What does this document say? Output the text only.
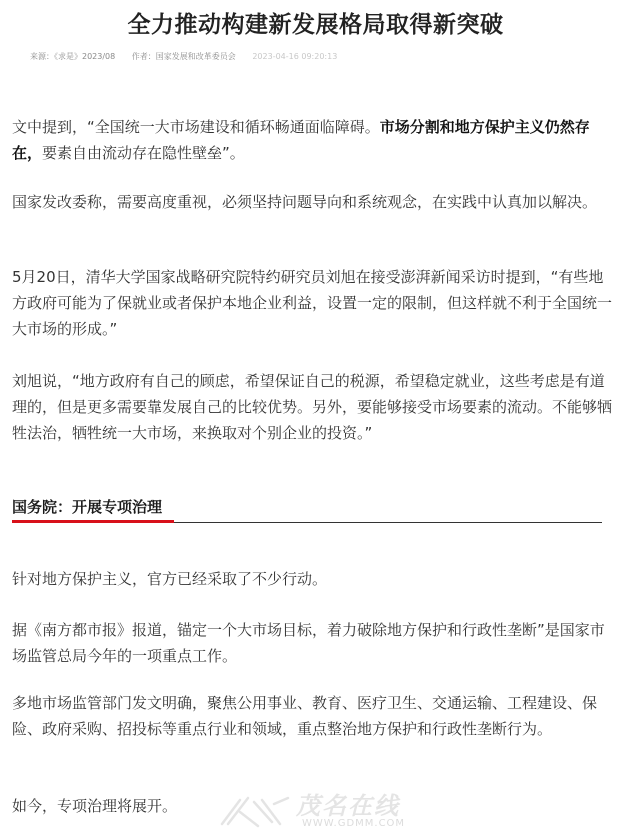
全力推动构建新发展格局取得新突破
来源：《求是》2023/08 作者：国家发展和改革委员会 2023-04-16 09:20:13

文中提到，“全国统一大市场建设和循环畅通面临障碍。市场分割和地方保护主义仍然存在，要素自由流动存在隐性壁垒”。

国家发改委称，需要高度重视，必须坚持问题导向和系统观念，在实践中认真加以解决。

5月20日，清华大学国家战略研究院特约研究员刘旭在接受澎湃新闻采访时提到，“有些地方政府可能为了保就业或者保护本地企业利益，设置一定的限制，但这样就不利于全国统一大市场的形成。”

刘旭说，“地方政府有自己的顾虑，希望保证自己的税源，希望稳定就业，这些考虑是有道理的，但是更多需要靠发展自己的比较优势。另外，要能够接受市场要素的流动。不能够牺牲法治，牺牲统一大市场，来换取对个别企业的投资。”

国务院：开展专项治理

针对地方保护主义，官方已经采取了不少行动。

据《南方都市报》报道，锚定一个大市场目标，着力破除地方保护和行政性垄断”是国家市场监管总局今年的一项重点工作。

多地市场监管部门发文明确，聚焦公用事业、教育、医疗卫生、交通运输、工程建设、保险、政府采购、招投标等重点行业和领域，重点整治地方保护和行政性垄断行为。

如今，专项治理将展开。	茂名在线
WWW.GDMM.COM
